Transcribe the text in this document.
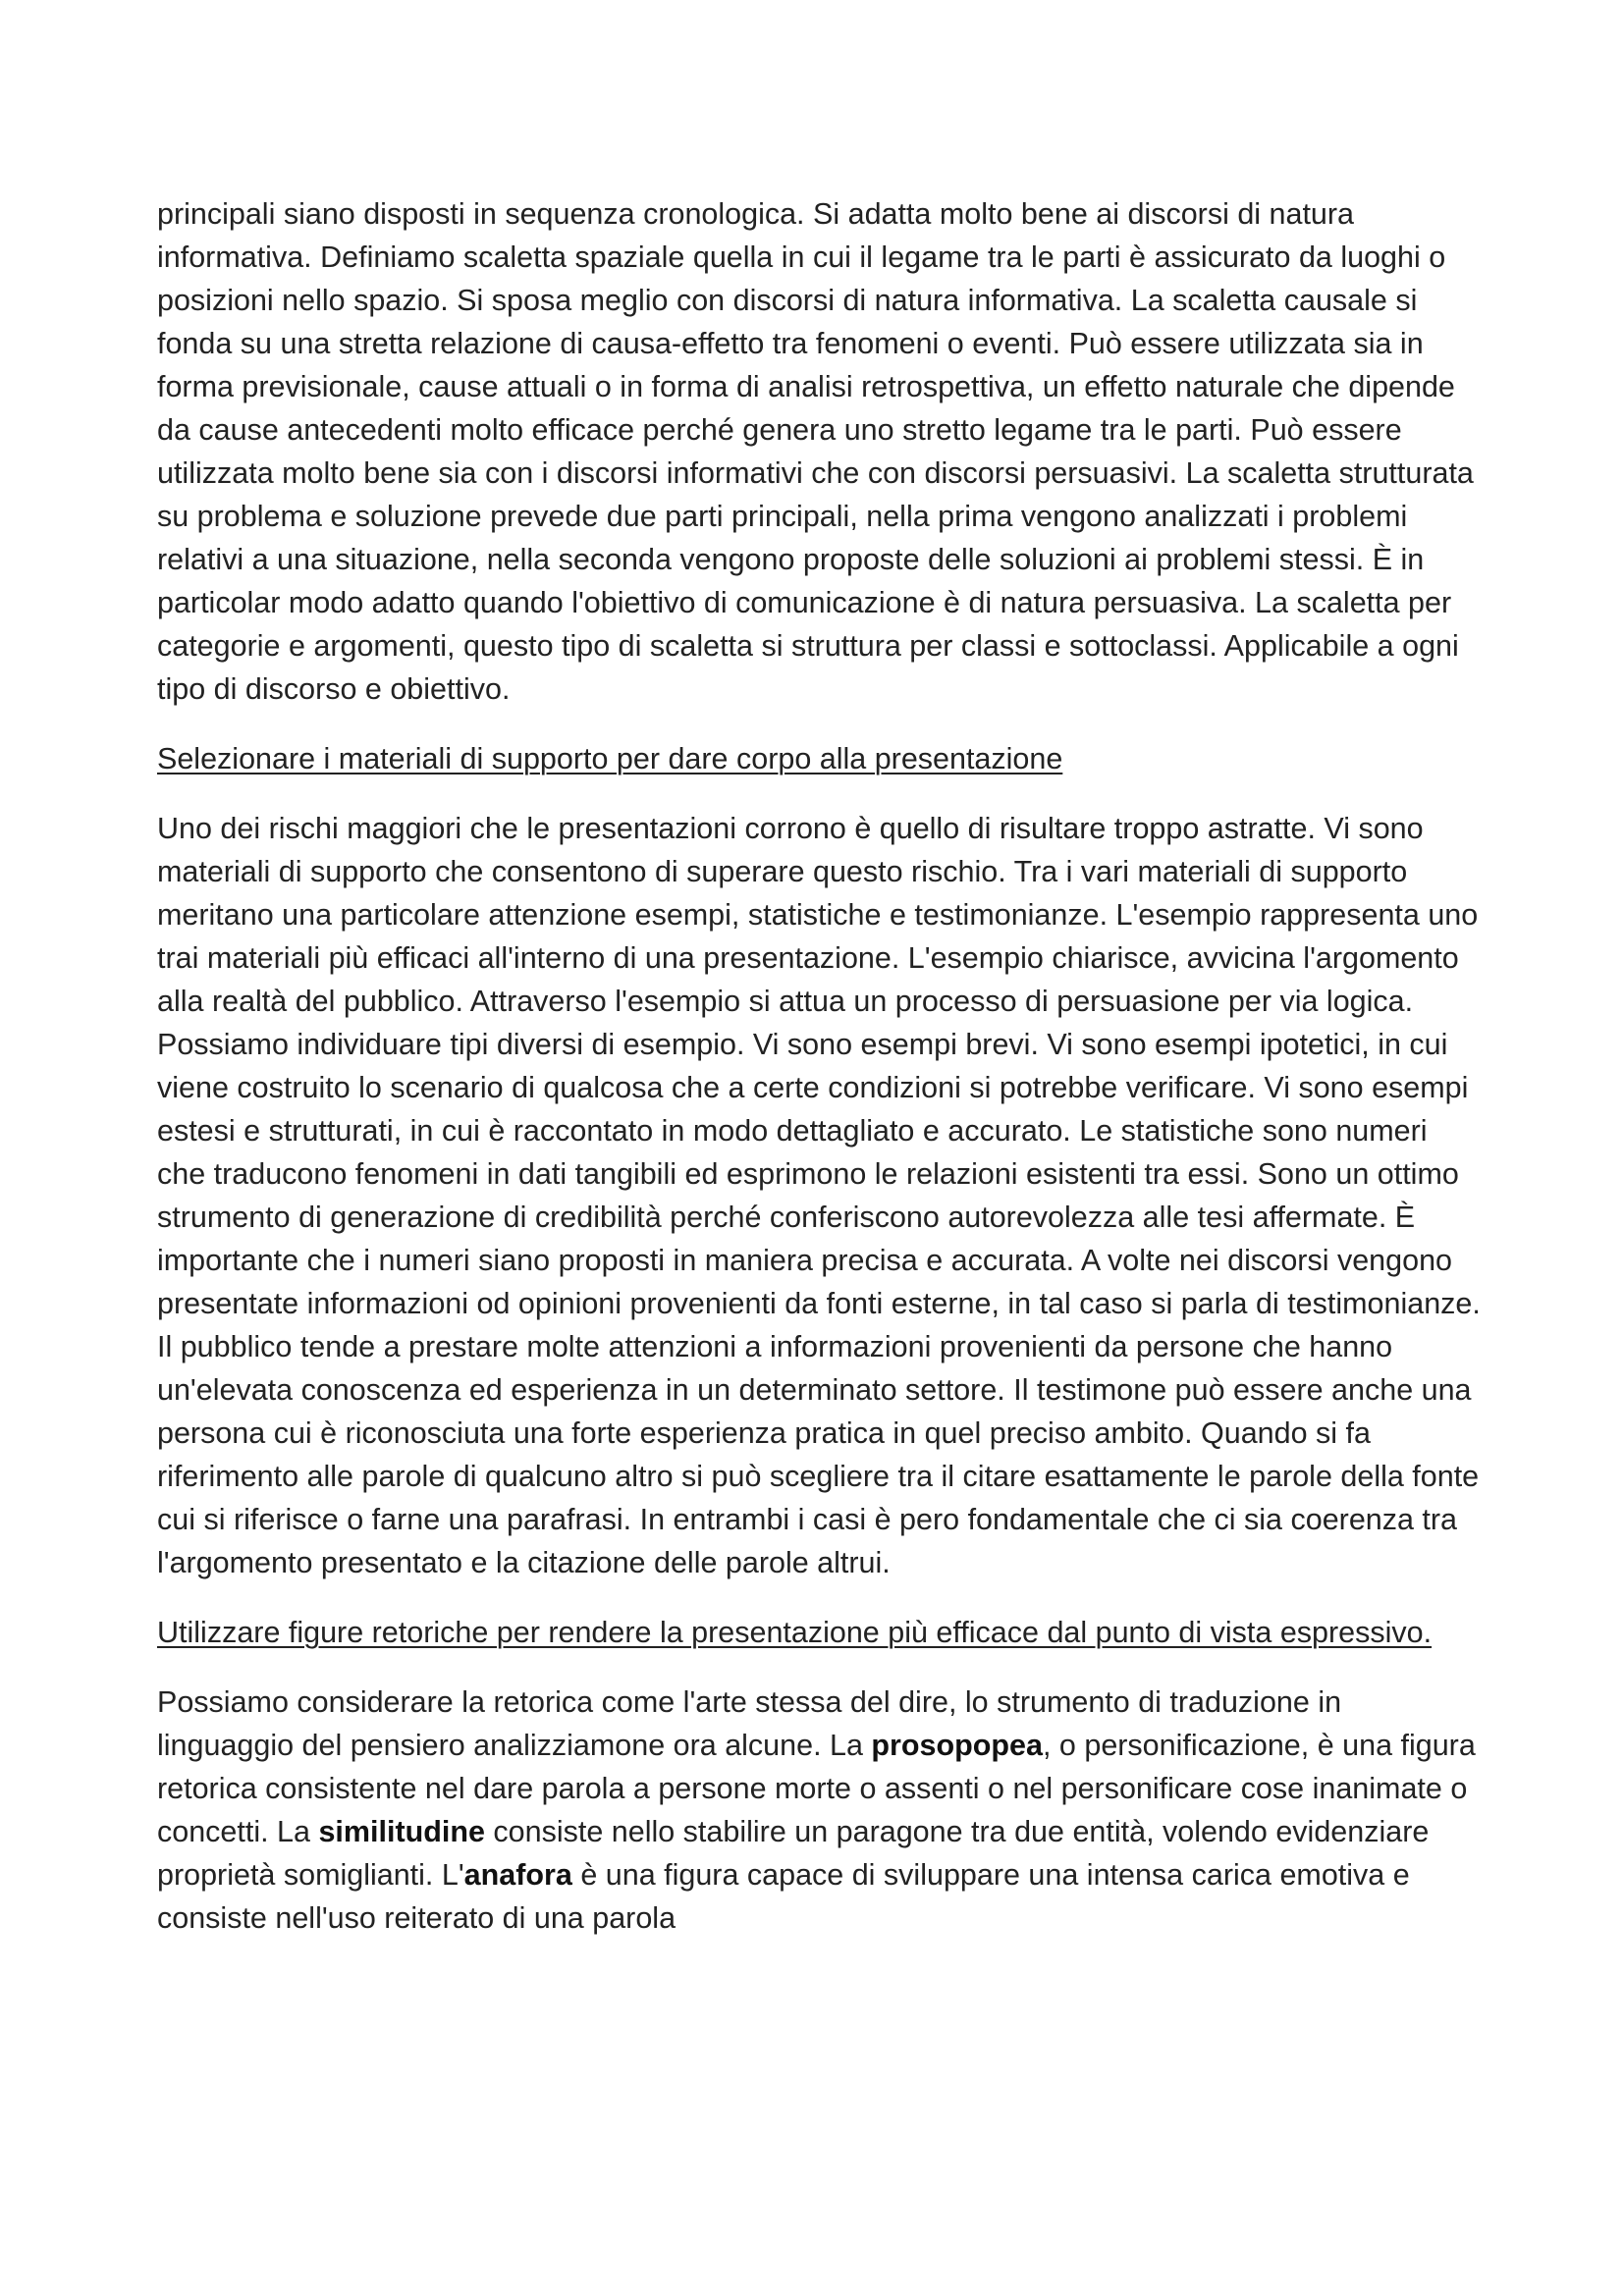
principali siano disposti in sequenza cronologica. Si adatta molto bene ai discorsi di natura informativa. Definiamo scaletta spaziale quella in cui il legame tra le parti è assicurato da luoghi o posizioni nello spazio. Si sposa meglio con discorsi di natura informativa. La scaletta causale si fonda su una stretta relazione di causa-effetto tra fenomeni o eventi. Può essere utilizzata sia in forma previsionale, cause attuali o in forma di analisi retrospettiva, un effetto naturale che dipende da cause antecedenti molto efficace perché genera uno stretto legame tra le parti. Può essere utilizzata molto bene sia con i discorsi informativi che con discorsi persuasivi. La scaletta strutturata su problema e soluzione prevede due parti principali, nella prima vengono analizzati i problemi relativi a una situazione, nella seconda vengono proposte delle soluzioni ai problemi stessi. È in particolar modo adatto quando l'obiettivo di comunicazione è di natura persuasiva. La scaletta per categorie e argomenti, questo tipo di scaletta si struttura per classi e sottoclassi. Applicabile a ogni tipo di discorso e obiettivo.

Selezionare i materiali di supporto per dare corpo alla presentazione

Uno dei rischi maggiori che le presentazioni corrono è quello di risultare troppo astratte. Vi sono materiali di supporto che consentono di superare questo rischio. Tra i vari materiali di supporto meritano una particolare attenzione esempi, statistiche e testimonianze. L'esempio rappresenta uno trai materiali più efficaci all'interno di una presentazione. L'esempio chiarisce, avvicina l'argomento alla realtà del pubblico. Attraverso l'esempio si attua un processo di persuasione per via logica. Possiamo individuare tipi diversi di esempio. Vi sono esempi brevi. Vi sono esempi ipotetici, in cui viene costruito lo scenario di qualcosa che a certe condizioni si potrebbe verificare. Vi sono esempi estesi e strutturati, in cui è raccontato in modo dettagliato e accurato. Le statistiche sono numeri che traducono fenomeni in dati tangibili ed esprimono le relazioni esistenti tra essi. Sono un ottimo strumento di generazione di credibilità perché conferiscono autorevolezza alle tesi affermate. È importante che i numeri siano proposti in maniera precisa e accurata. A volte nei discorsi vengono presentate informazioni od opinioni provenienti da fonti esterne, in tal caso si parla di testimonianze. Il pubblico tende a prestare molte attenzioni a informazioni provenienti da persone che hanno un'elevata conoscenza ed esperienza in un determinato settore. Il testimone può essere anche una persona cui è riconosciuta una forte esperienza pratica in quel preciso ambito. Quando si fa riferimento alle parole di qualcuno altro si può scegliere tra il citare esattamente le parole della fonte cui si riferisce o farne una parafrasi. In entrambi i casi è pero fondamentale che ci sia coerenza tra l'argomento presentato e la citazione delle parole altrui.

Utilizzare figure retoriche per rendere la presentazione più efficace dal punto di vista espressivo.

Possiamo considerare la retorica come l'arte stessa del dire, lo strumento di traduzione in linguaggio del pensiero analizziamone ora alcune. La prosopopea, o personificazione, è una figura retorica consistente nel dare parola a persone morte o assenti o nel personificare cose inanimate o concetti. La similitudine consiste nello stabilire un paragone tra due entità, volendo evidenziare proprietà somiglianti. L'anafora è una figura capace di sviluppare una intensa carica emotiva e consiste nell'uso reiterato di una parola
